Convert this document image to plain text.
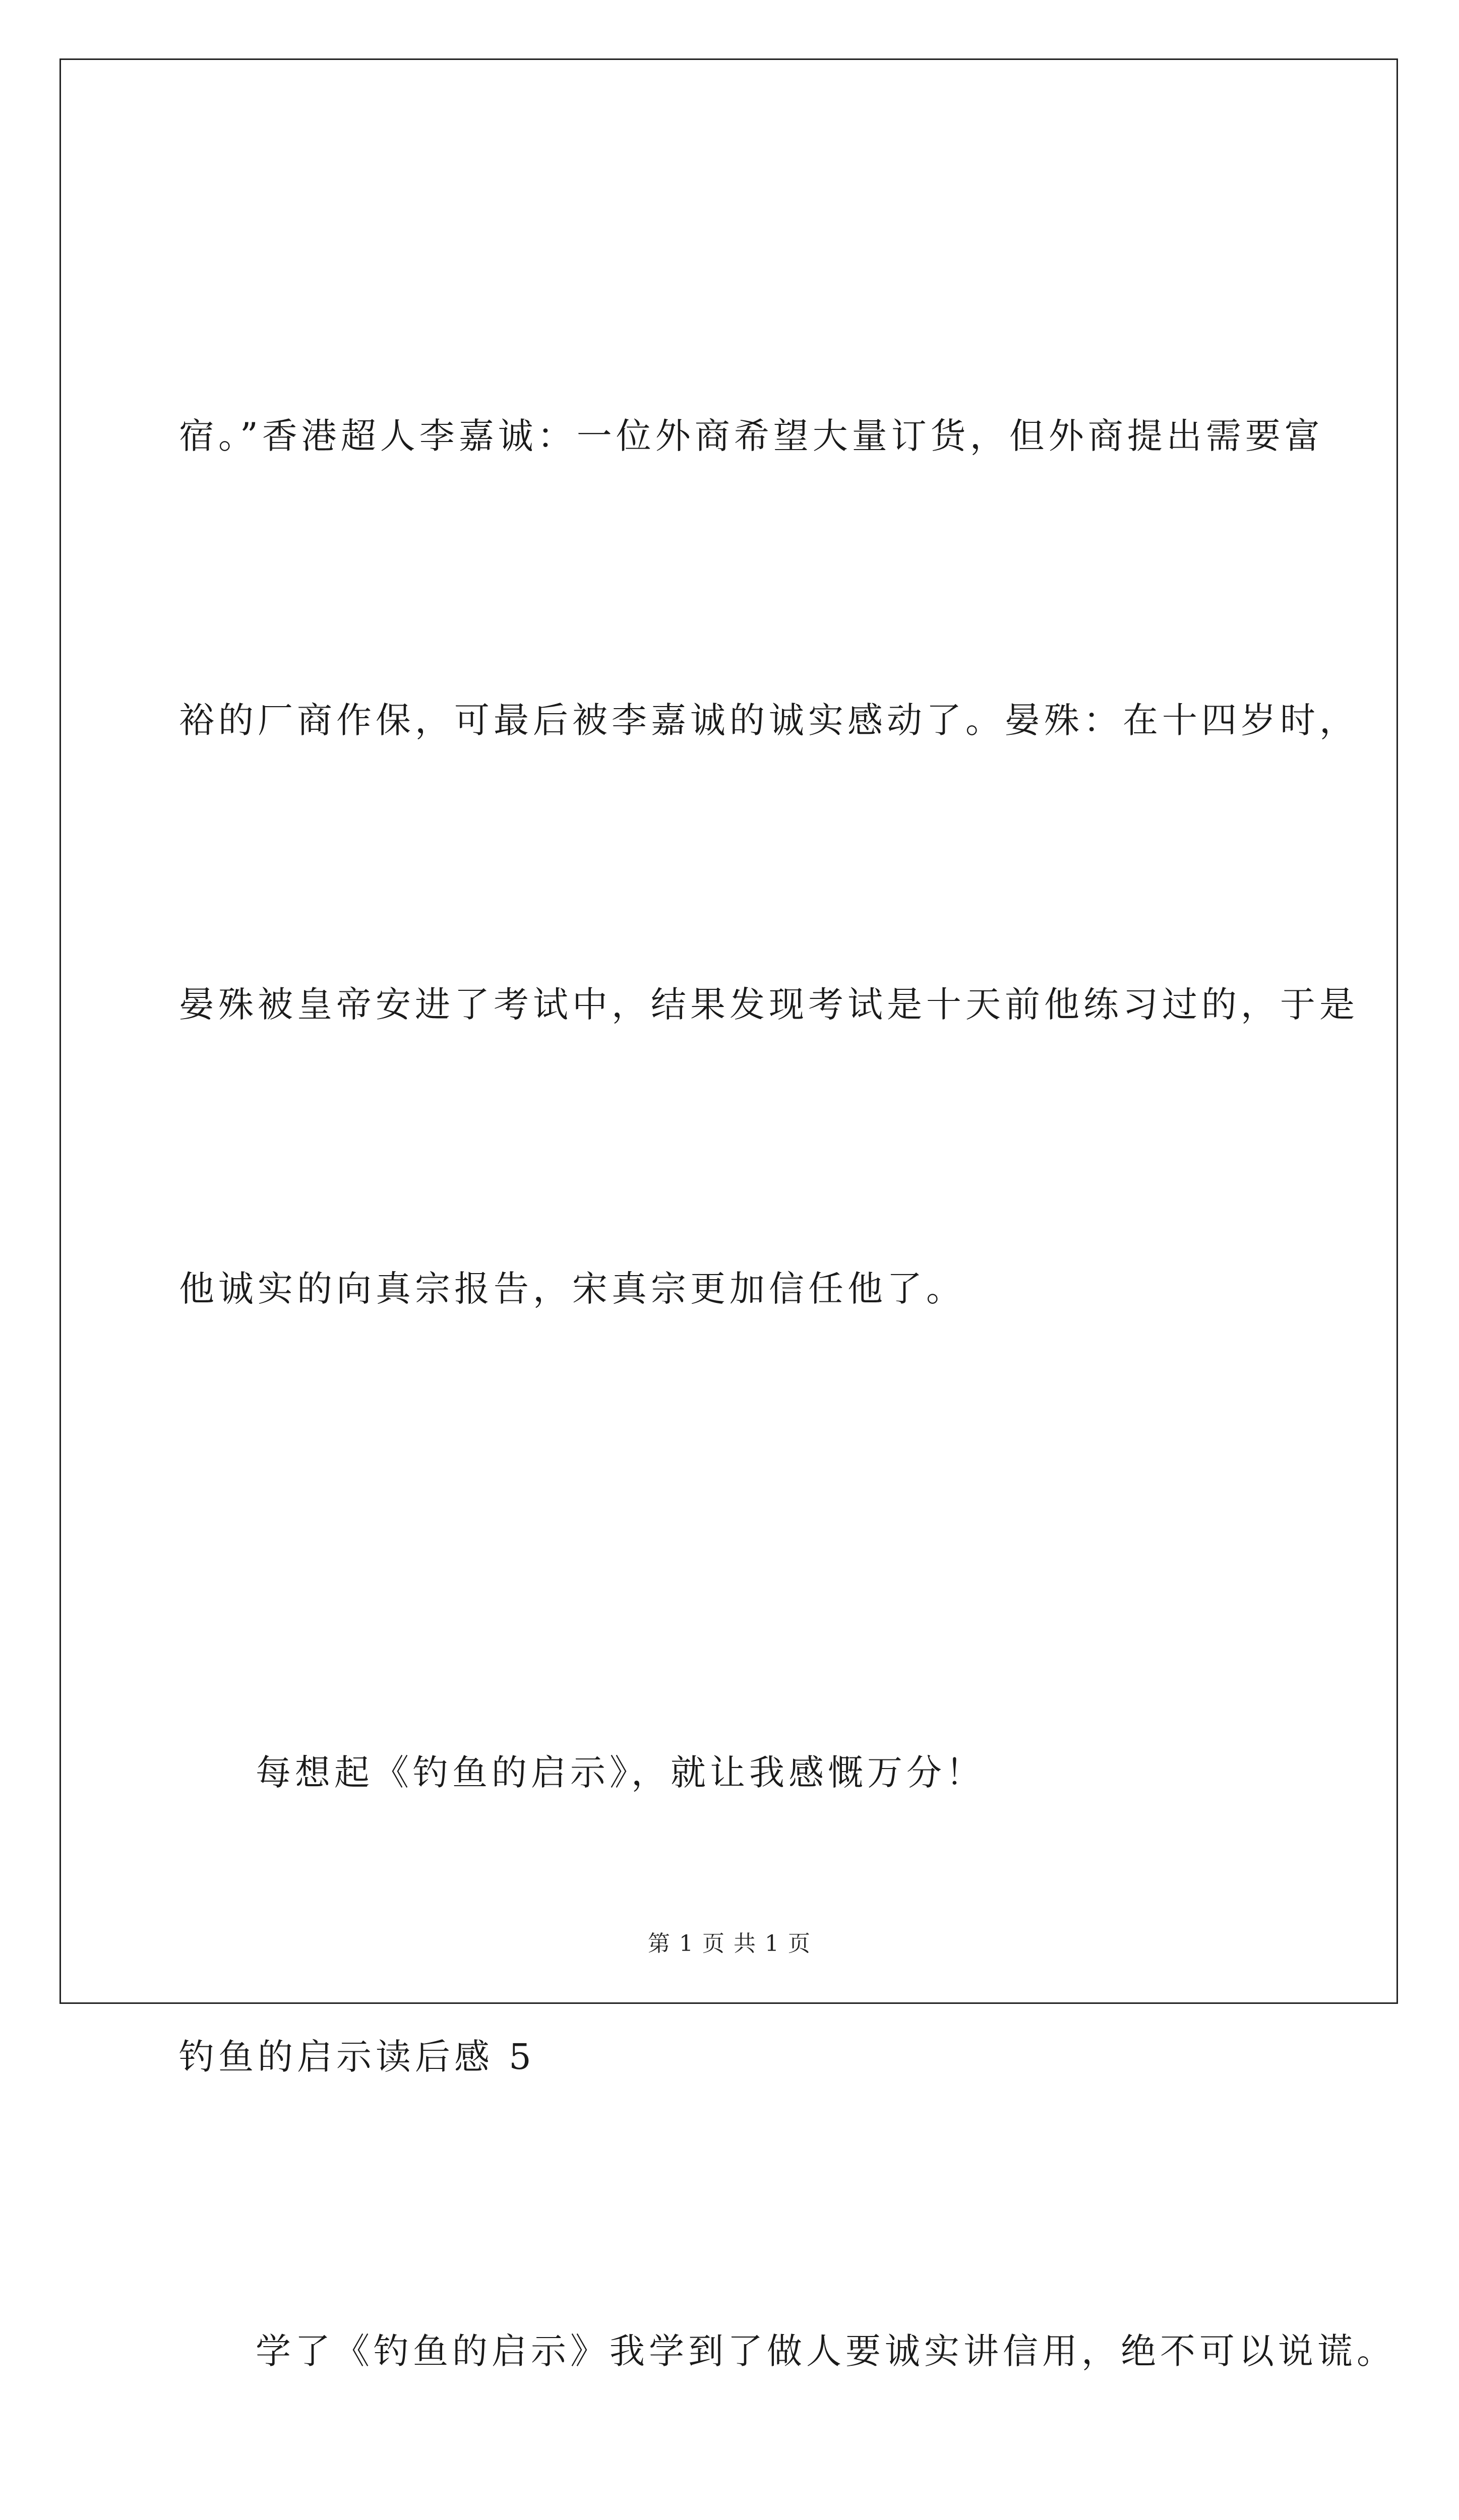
宿。”香港超人李嘉诚：一位外商希望大量订货，但外商提出需要富

裕的厂商作保，可最后被李嘉诚的诚实感动了。晏殊：在十四岁时，

晏殊被皇帝安进了考试中，结果发现考试是十天前他练习过的，于是

他诚实的向真宗报告，宋真宗更加信任他了。

每想起《钓鱼的启示》，就让我感慨万分！

钓鱼的启示读后感 5

学了《钓鱼的启示》我学到了做人要诚实讲信用，绝不可以说谎。

第 1 页 共 1 页
